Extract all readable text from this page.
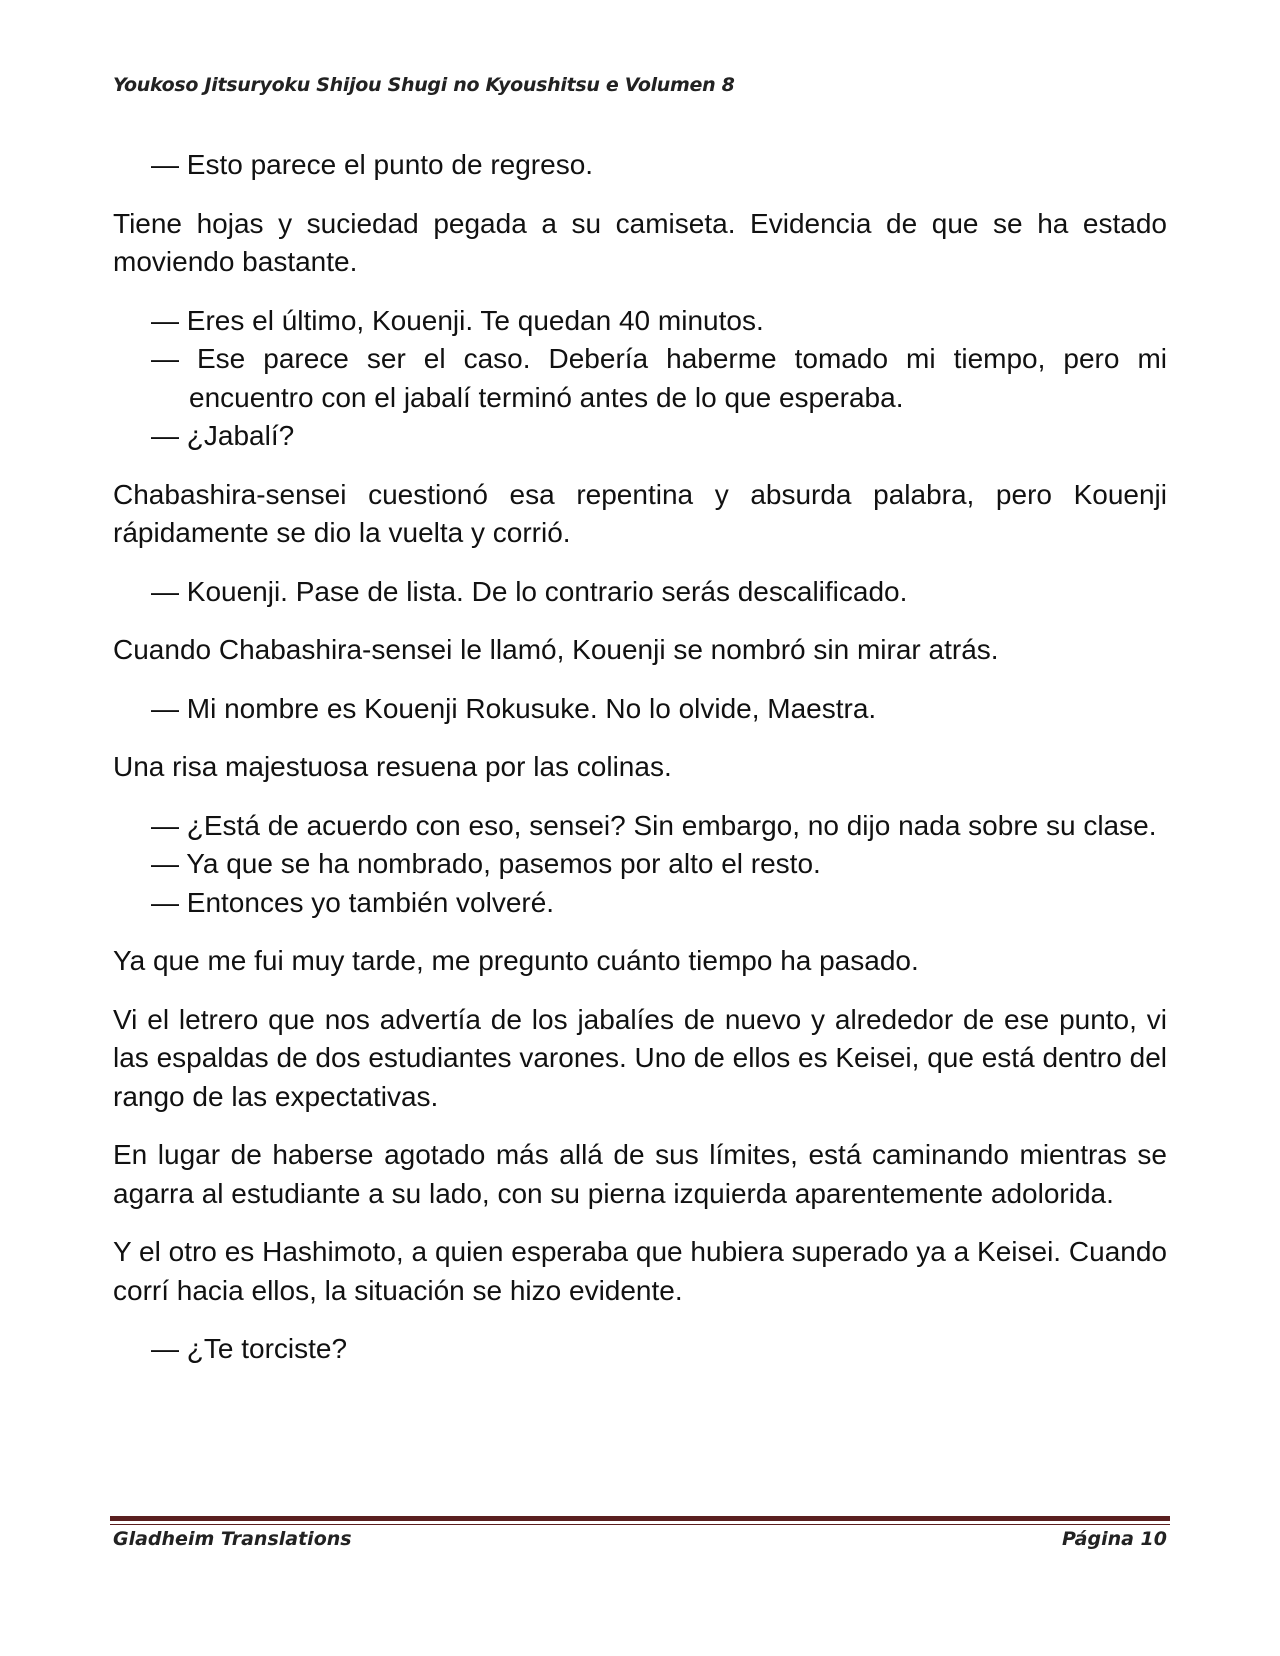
Youkoso Jitsuryoku Shijou Shugi no Kyoushitsu e Volumen 8

— Esto parece el punto de regreso.

Tiene hojas y suciedad pegada a su camiseta. Evidencia de que se ha estado moviendo bastante.

— Eres el último, Kouenji. Te quedan 40 minutos.

— Ese parece ser el caso. Debería haberme tomado mi tiempo, pero mi encuentro con el jabalí terminó antes de lo que esperaba.

— ¿Jabalí?

Chabashira-sensei cuestionó esa repentina y absurda palabra, pero Kouenji rápidamente se dio la vuelta y corrió.

— Kouenji. Pase de lista. De lo contrario serás descalificado.

Cuando Chabashira-sensei le llamó, Kouenji se nombró sin mirar atrás.

— Mi nombre es Kouenji Rokusuke. No lo olvide, Maestra.

Una risa majestuosa resuena por las colinas.

— ¿Está de acuerdo con eso, sensei? Sin embargo, no dijo nada sobre su clase.

— Ya que se ha nombrado, pasemos por alto el resto.

— Entonces yo también volveré.

Ya que me fui muy tarde, me pregunto cuánto tiempo ha pasado.

Vi el letrero que nos advertía de los jabalíes de nuevo y alrededor de ese punto, vi las espaldas de dos estudiantes varones. Uno de ellos es Keisei, que está dentro del rango de las expectativas.

En lugar de haberse agotado más allá de sus límites, está caminando mientras se agarra al estudiante a su lado, con su pierna izquierda aparentemente adolorida.

Y el otro es Hashimoto, a quien esperaba que hubiera superado ya a Keisei. Cuando corrí hacia ellos, la situación se hizo evidente.

— ¿Te torciste?

Gladheim Translations	Página 10
